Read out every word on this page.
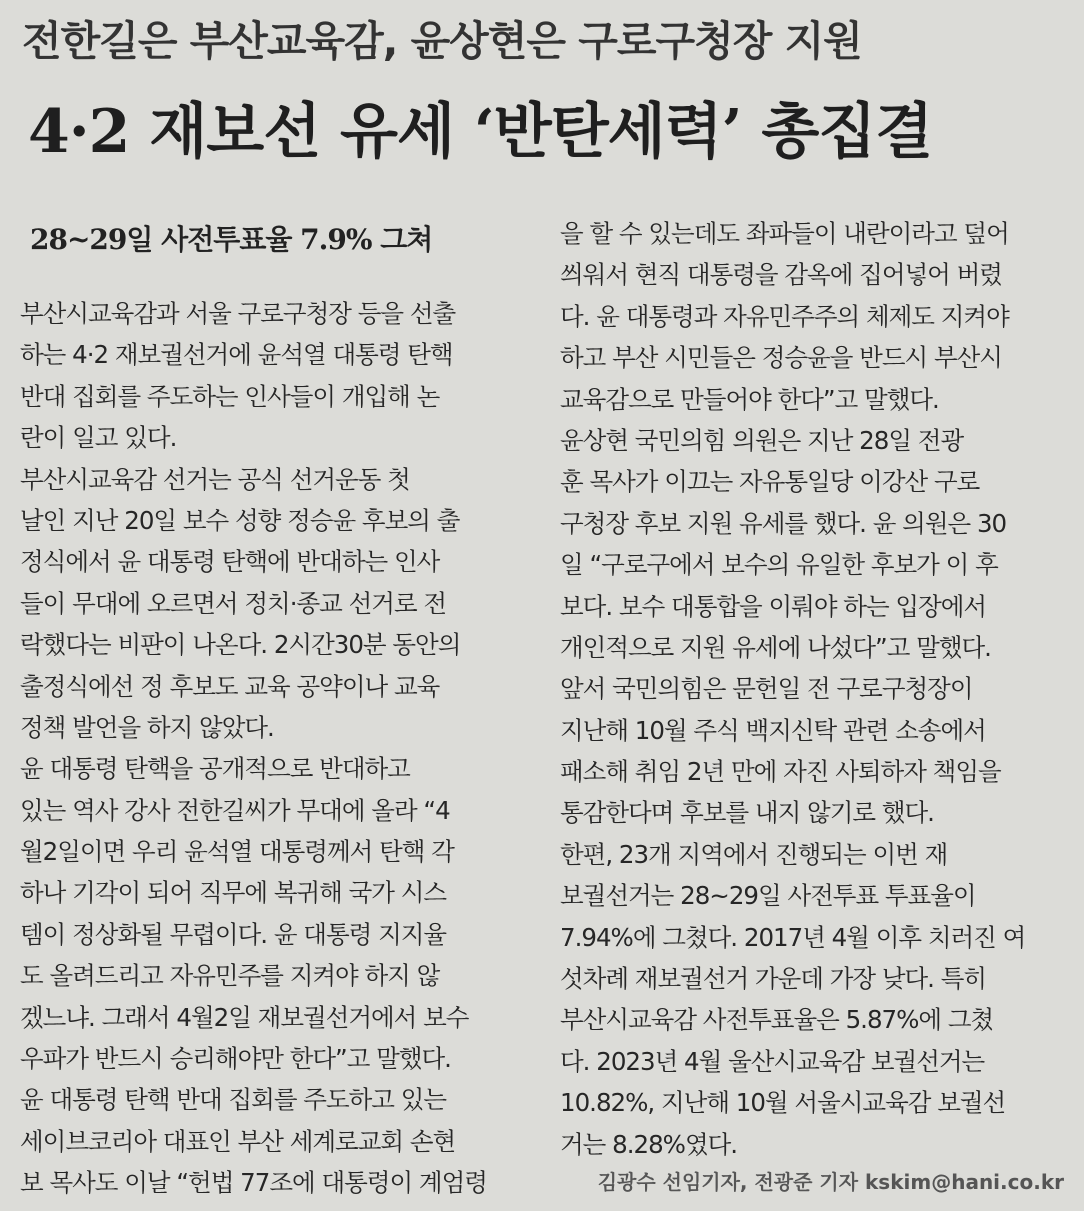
전한길은 부산교육감, 윤상현은 구로구청장 지원
4·2 재보선 유세 ‘반탄세력’ 총집결
28~29일 사전투표율 7.9% 그쳐
부산시교육감과 서울 구로구청장 등을 선출
하는 4·2 재보궐선거에 윤석열 대통령 탄핵
반대 집회를 주도하는 인사들이 개입해 논
란이 일고 있다.
부산시교육감 선거는 공식 선거운동 첫
날인 지난 20일 보수 성향 정승윤 후보의 출
정식에서 윤 대통령 탄핵에 반대하는 인사
들이 무대에 오르면서 정치·종교 선거로 전
락했다는 비판이 나온다. 2시간30분 동안의
출정식에선 정 후보도 교육 공약이나 교육
정책 발언을 하지 않았다.
윤 대통령 탄핵을 공개적으로 반대하고
있는 역사 강사 전한길씨가 무대에 올라 “4
월2일이면 우리 윤석열 대통령께서 탄핵 각
하나 기각이 되어 직무에 복귀해 국가 시스
템이 정상화될 무렵이다. 윤 대통령 지지율
도 올려드리고 자유민주를 지켜야 하지 않
겠느냐. 그래서 4월2일 재보궐선거에서 보수
우파가 반드시 승리해야만 한다”고 말했다.
윤 대통령 탄핵 반대 집회를 주도하고 있는
세이브코리아 대표인 부산 세계로교회 손현
보 목사도 이날 “헌법 77조에 대통령이 계엄령
을 할 수 있는데도 좌파들이 내란이라고 덮어
씌워서 현직 대통령을 감옥에 집어넣어 버렸
다. 윤 대통령과 자유민주주의 체제도 지켜야
하고 부산 시민들은 정승윤을 반드시 부산시
교육감으로 만들어야 한다”고 말했다.
윤상현 국민의힘 의원은 지난 28일 전광
훈 목사가 이끄는 자유통일당 이강산 구로
구청장 후보 지원 유세를 했다. 윤 의원은 30
일 “구로구에서 보수의 유일한 후보가 이 후
보다. 보수 대통합을 이뤄야 하는 입장에서
개인적으로 지원 유세에 나섰다”고 말했다.
앞서 국민의힘은 문헌일 전 구로구청장이
지난해 10월 주식 백지신탁 관련 소송에서
패소해 취임 2년 만에 자진 사퇴하자 책임을
통감한다며 후보를 내지 않기로 했다.
한편, 23개 지역에서 진행되는 이번 재
보궐선거는 28~29일 사전투표 투표율이
7.94%에 그쳤다. 2017년 4월 이후 치러진 여
섯차례 재보궐선거 가운데 가장 낮다. 특히
부산시교육감 사전투표율은 5.87%에 그쳤
다. 2023년 4월 울산시교육감 보궐선거는
10.82%, 지난해 10월 서울시교육감 보궐선
거는 8.28%였다.
김광수 선임기자, 전광준 기자 kskim@hani.co.kr
